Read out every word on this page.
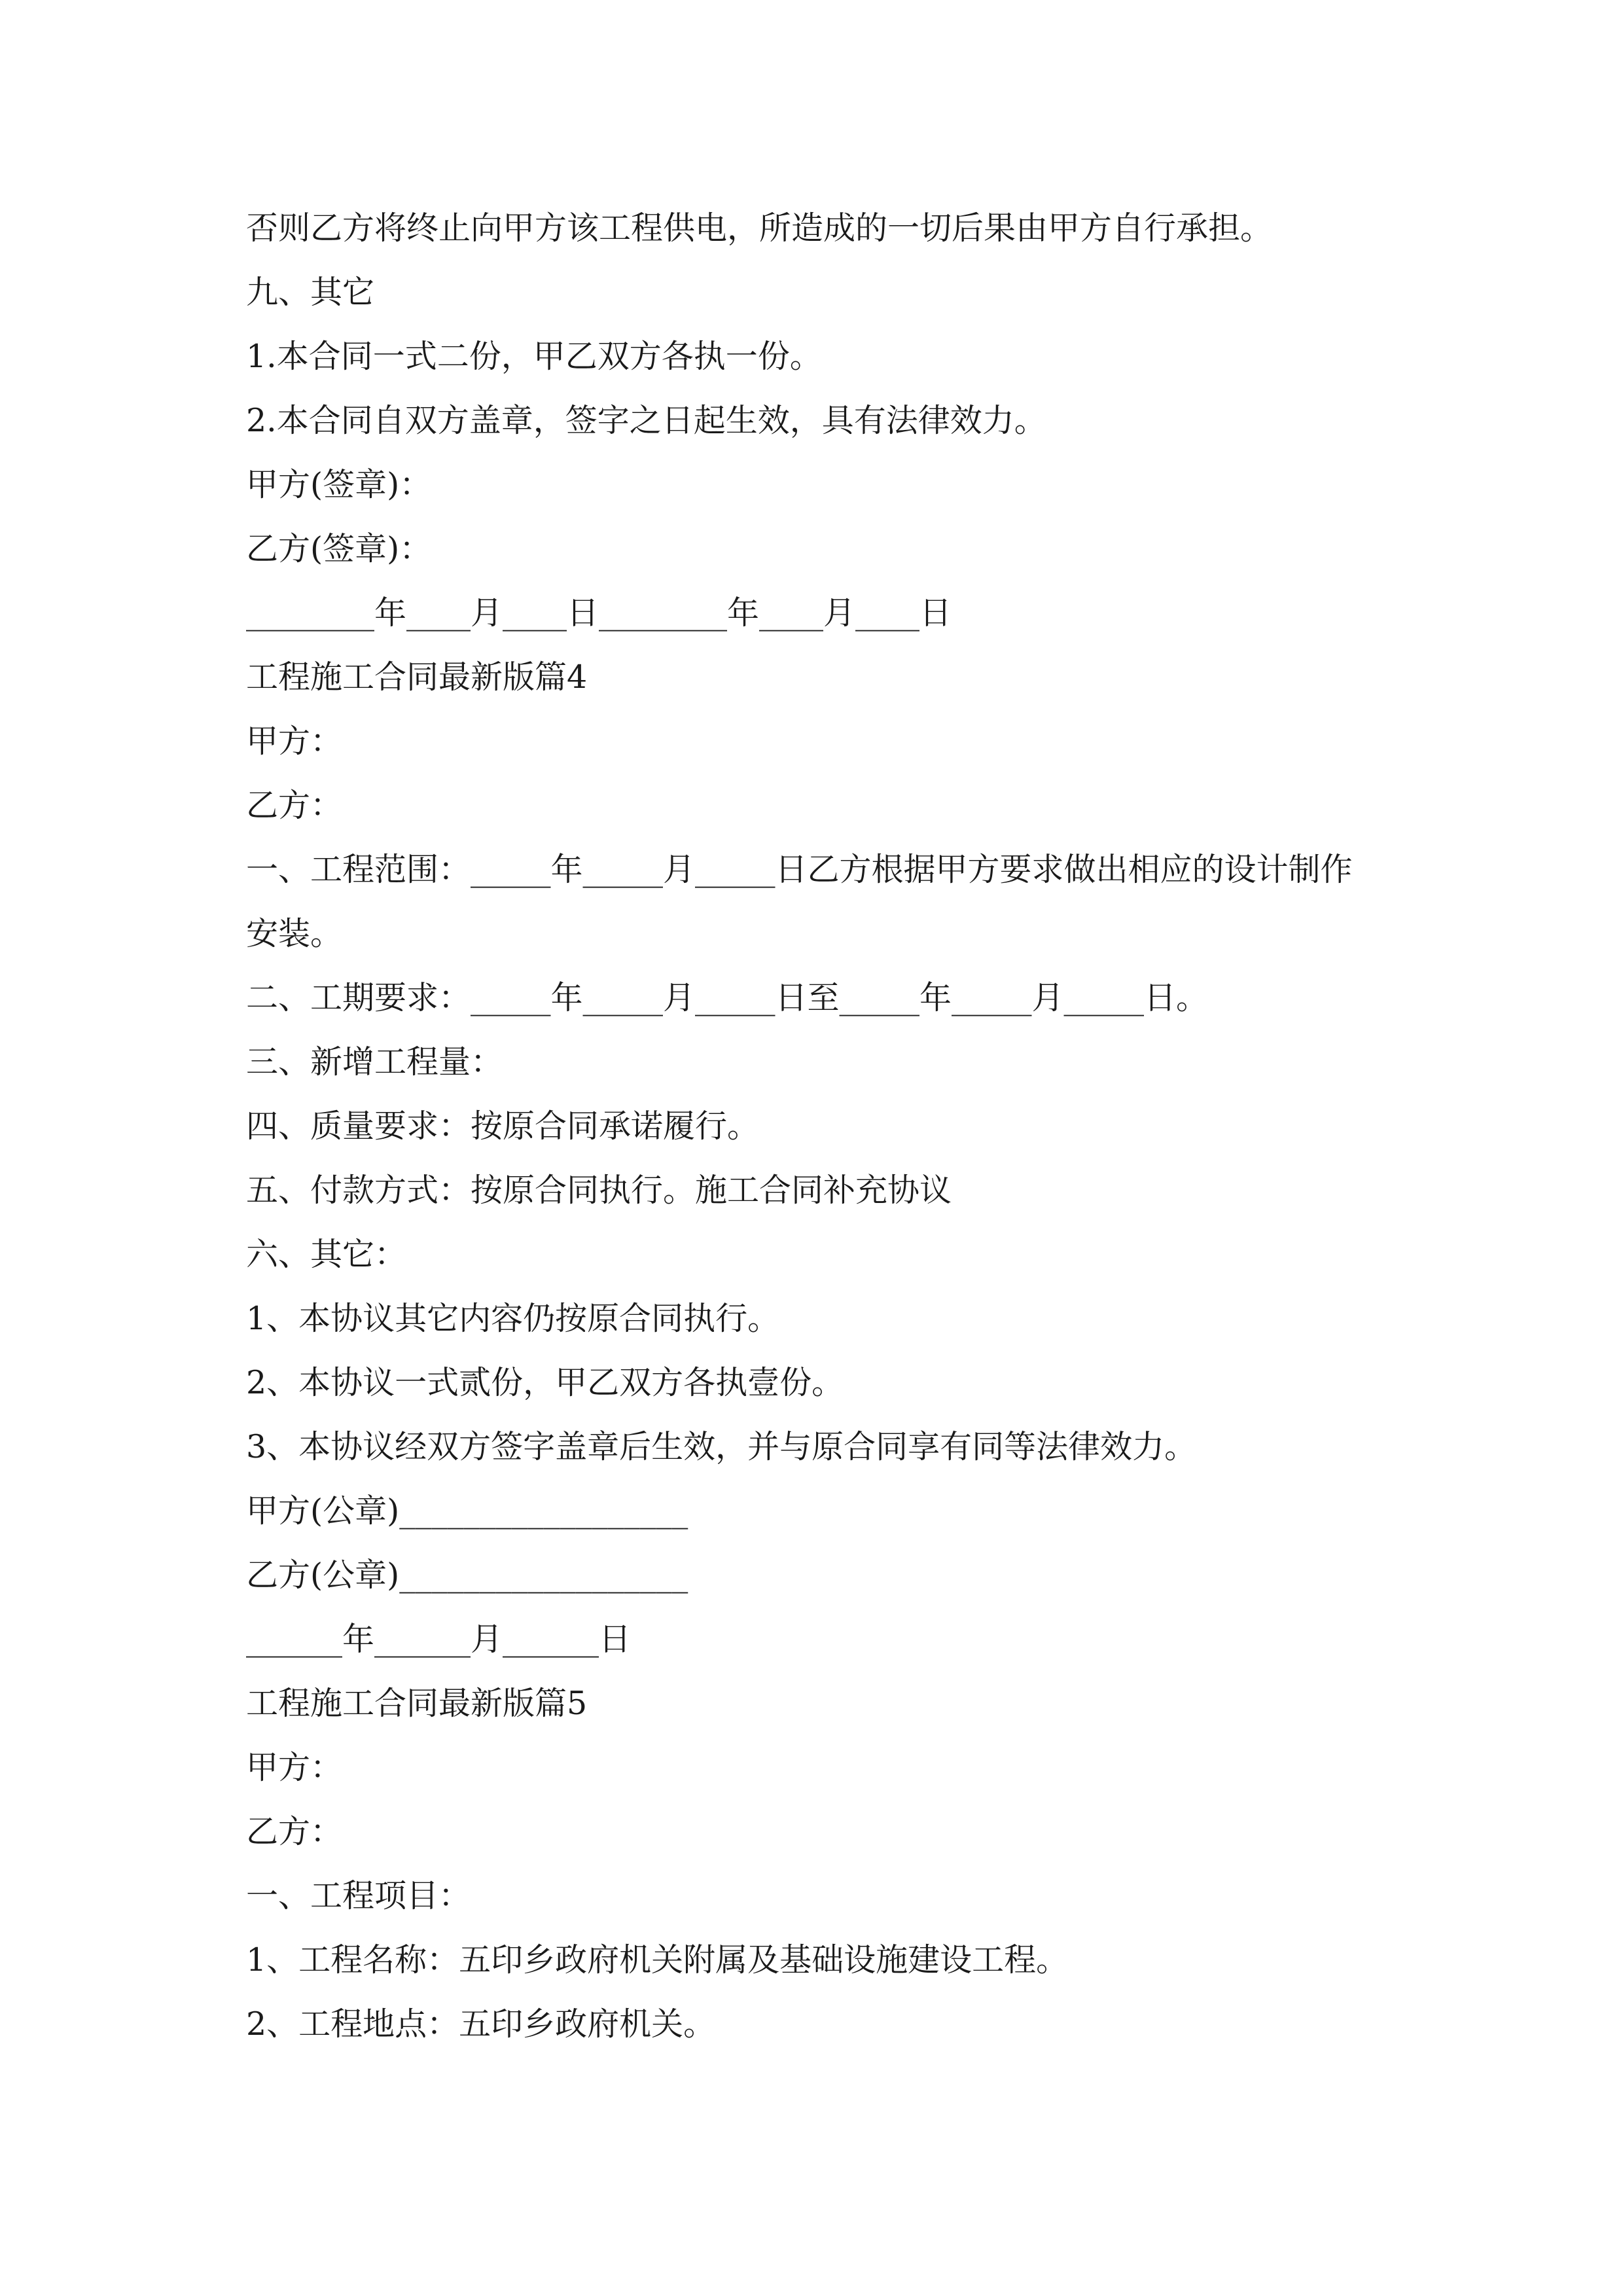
否则乙方将终止向甲方该工程供电，所造成的一切后果由甲方自行承担。

九、其它

1.本合同一式二份，甲乙双方各执一份。

2.本合同自双方盖章，签字之日起生效，具有法律效力。

甲方(签章)：

乙方(签章)：

________年____月____日________年____月____日

工程施工合同最新版篇4

甲方：

乙方：

一、工程范围：_____年_____月_____日乙方根据甲方要求做出相应的设计制作

安装。

二、工期要求：_____年_____月_____日至_____年_____月_____日。

三、新增工程量：

四、质量要求：按原合同承诺履行。

五、付款方式：按原合同执行。施工合同补充协议

六、其它：

1、本协议其它内容仍按原合同执行。

2、本协议一式贰份，甲乙双方各执壹份。

3、本协议经双方签字盖章后生效，并与原合同享有同等法律效力。

甲方(公章)__________________

乙方(公章)__________________

______年______月______日

工程施工合同最新版篇5

甲方：

乙方：

一、工程项目：

1、工程名称：五印乡政府机关附属及基础设施建设工程。

2、工程地点：五印乡政府机关。
